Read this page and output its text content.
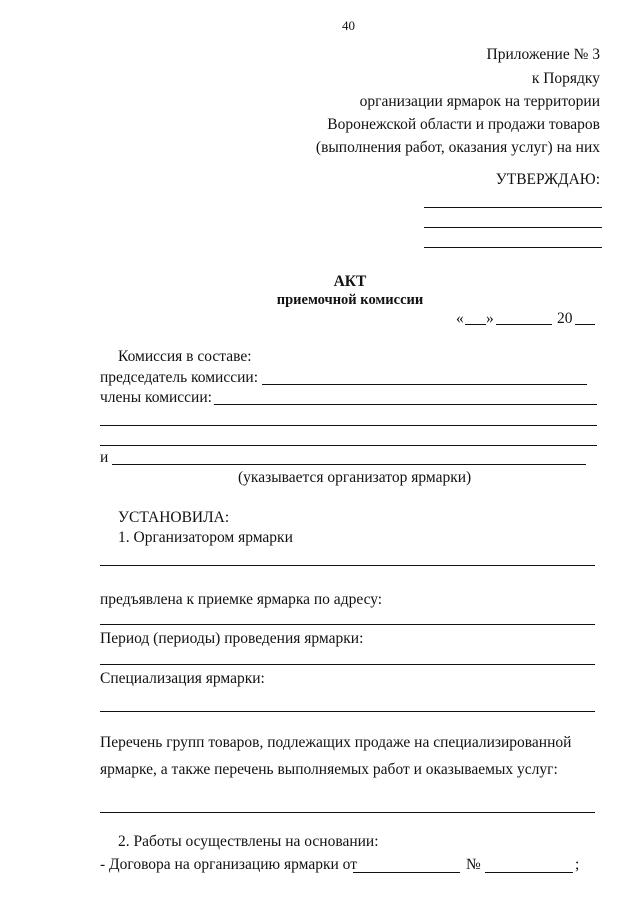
40
Приложение № 3
к Порядку
организации ярмарок на территории
Воронежской области и продажи товаров
(выполнения работ, оказания услуг) на них
УТВЕРЖДАЮ:
АКТ
приемочной комиссии
« »	20
Комиссия в составе:
председатель комиссии:
члены комиссии:
и
(указывается организатор ярмарки)
УСТАНОВИЛА:
1. Организатором ярмарки
предъявлена к приемке ярмарка по адресу:
Период (периоды) проведения ярмарки:
Специализация ярмарки:
Перечень групп товаров, подлежащих продаже на специализированной
ярмарке, а также перечень выполняемых работ и оказываемых услуг:
2. Работы осуществлены на основании:
- Договора на организацию ярмарки от	№	;
